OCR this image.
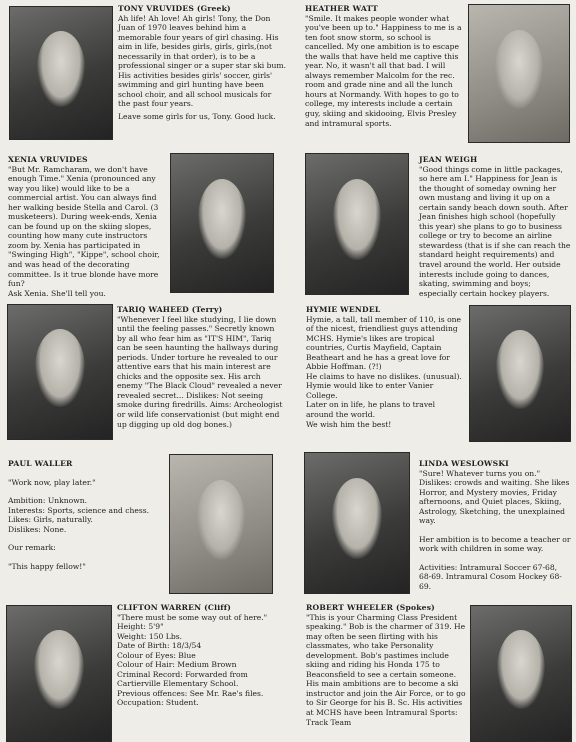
TONY VRUVIDES (Greek)
Ah life! Ah love! Ah girls! Tony, the Don Juan of 1970 leaves behind him a memorable four years of girl chasing. His aim in life, besides girls, girls, girls,(not necessarily in that order), is to be a professional singer or a super star ski bum. His activities besides girls' soccer, girls' swimming and girl hunting have been school choir, and all school musicals for the past four years.
Leave some girls for us, Tony. Good luck.
HEATHER WATT
"Smile. It makes people wonder what you've been up to." Happiness to me is a ten foot snow storm, so school is cancelled. My one ambition is to escape the walls that have held me captive this year. No, it wasn't all that bad. I will always remember Malcolm for the rec. room and grade nine and all the lunch hours at Normandy. With hopes to go to college, my interests include a certain guy, skiing and skidooing, Elvis Presley and intramural sports.
XENIA VRUVIDES
"But Mr. Ramcharam, we don't have enough Time." Xenia (pronounced any way you like) would like to be a commercial artist. You can always find her walking beside Stella and Carol. (3 musketeers). During week-ends, Xenia can be found up on the skiing slopes, counting how many cute instructors zoom by. Xenia has participated in "Swinging High", "Kippe", school choir, and was head of the decorating committee. Is it true blonde have more fun?
Ask Xenia. She'll tell you.
JEAN WEIGH
"Good things come in little packages, so here am I." Happiness for Jean is the thought of someday owning her own mustang and living it up on a certain sandy beach down south. After Jean finishes high school (hopefully this year) she plans to go to business college or try to become an airline stewardess (that is if she can reach the standard height requirements) and travel around the world. Her outside interests include going to dances, skating, swimming and boys; especially certain hockey players.
TARIQ WAHEED (Terry)
"Whenever I feel like studying, I lie down until the feeling passes." Secretly known by all who fear him as "IT'S HIM", Tariq can be seen haunting the hallways during periods. Under torture he revealed to our attentive ears that his main interest are chicks and the opposite sex. His arch enemy "The Black Cloud" revealed a never revealed secret... Dislikes: Not seeing smoke during firedrills. Aims: Archeologist or wild life conservationist (but might end up digging up old dog bones.)
HYMIE WENDEL
Hymie, a tall, tall member of 110, is one of the nicest, friendliest guys attending MCHS. Hymie's likes are tropical countries, Curtis Mayfield, Captain Beatheart and he has a great love for Abbie Hoffman. (?!)
He claims to have no dislikes. (unusual).
Hymie would like to enter Vanier College.
Later on in life, he plans to travel around the world.
We wish him the best!
PAUL WALLER
"Work now, play later."
Ambition: Unknown.
Interests: Sports, science and chess.
Likes: Girls, naturally.
Dislikes: None.
Our remark:
"This happy fellow!"
LINDA WESLOWSKI
"Sure! Whatever turns you on." Dislikes: crowds and waiting. She likes Horror, and Mystery movies, Friday afternoons, and Quiet places, Skiing, Astrology, Sketching, the unexplained way.
Her ambition is to become a teacher or work with children in some way.
Activities: Intramural Soccer 67-68, 68-69. Intramural Cosom Hockey 68-69.
CLIFTON WARREN (Cliff)
"There must be some way out of here."
Height: 5'9"
Weight: 150 Lbs.
Date of Birth: 18/3/54
Colour of Eyes: Blue
Colour of Hair: Medium Brown
Criminal Record: Forwarded from Cartierville Elementary School.
Previous offences: See Mr. Rae's files.
Occupation: Student.
ROBERT WHEELER (Spokes)
"This is your Charming Class President speaking." Bob is the charmer of 319. He may often be seen flirting with his classmates, who take Personality development. Bob's pastimes include skiing and riding his Honda 175 to Beaconsfield to see a certain someone. His main ambitions are to become a ski instructor and join the Air Force, or to go to Sir George for his B. Sc. His activities at MCHS have been Intramural Sports: Track Team
